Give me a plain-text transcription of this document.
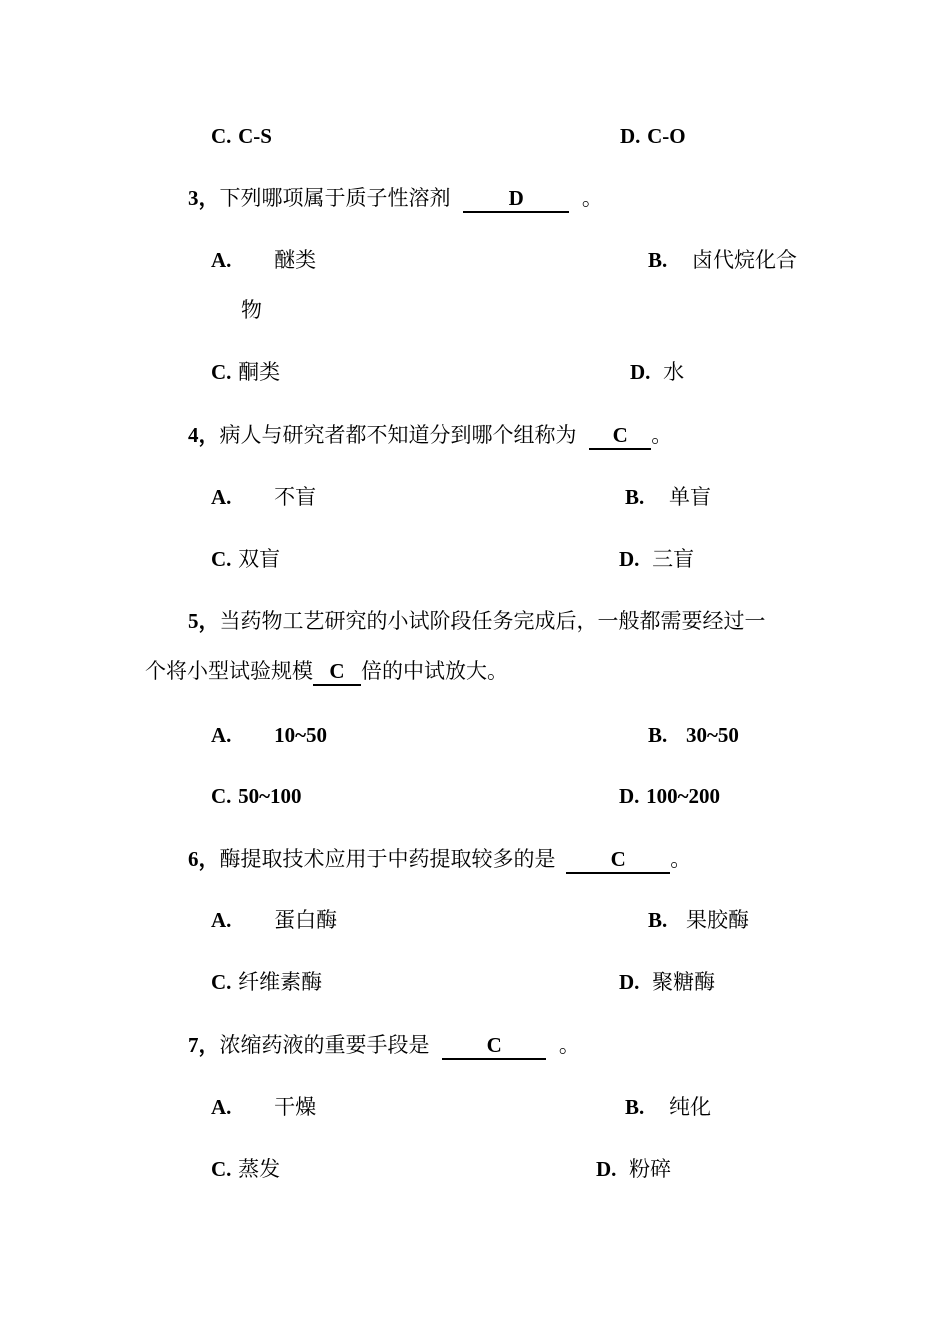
C. C-S	D. C-O
3，下列哪项属于质子性溶剂	D	。
A. 醚类	B. 卤代烷化合
物
C. 酮类	D. 水
4，病人与研究者都不知道分到哪个组称为 C 。
A. 不盲	B. 单盲
C. 双盲	D. 三盲
5，当药物工艺研究的小试阶段任务完成后，一般都需要经过一
个将小型试验规模 C 倍的中试放大。
A. 10~50	B. 30~50
C. 50~100	D. 100~200
6，酶提取技术应用于中药提取较多的是	C 。
A. 蛋白酶	B. 果胶酶
C. 纤维素酶	D. 聚糖酶
7，浓缩药液的重要手段是	C	。
A. 干燥	B. 纯化
C. 蒸发	D. 粉碎
